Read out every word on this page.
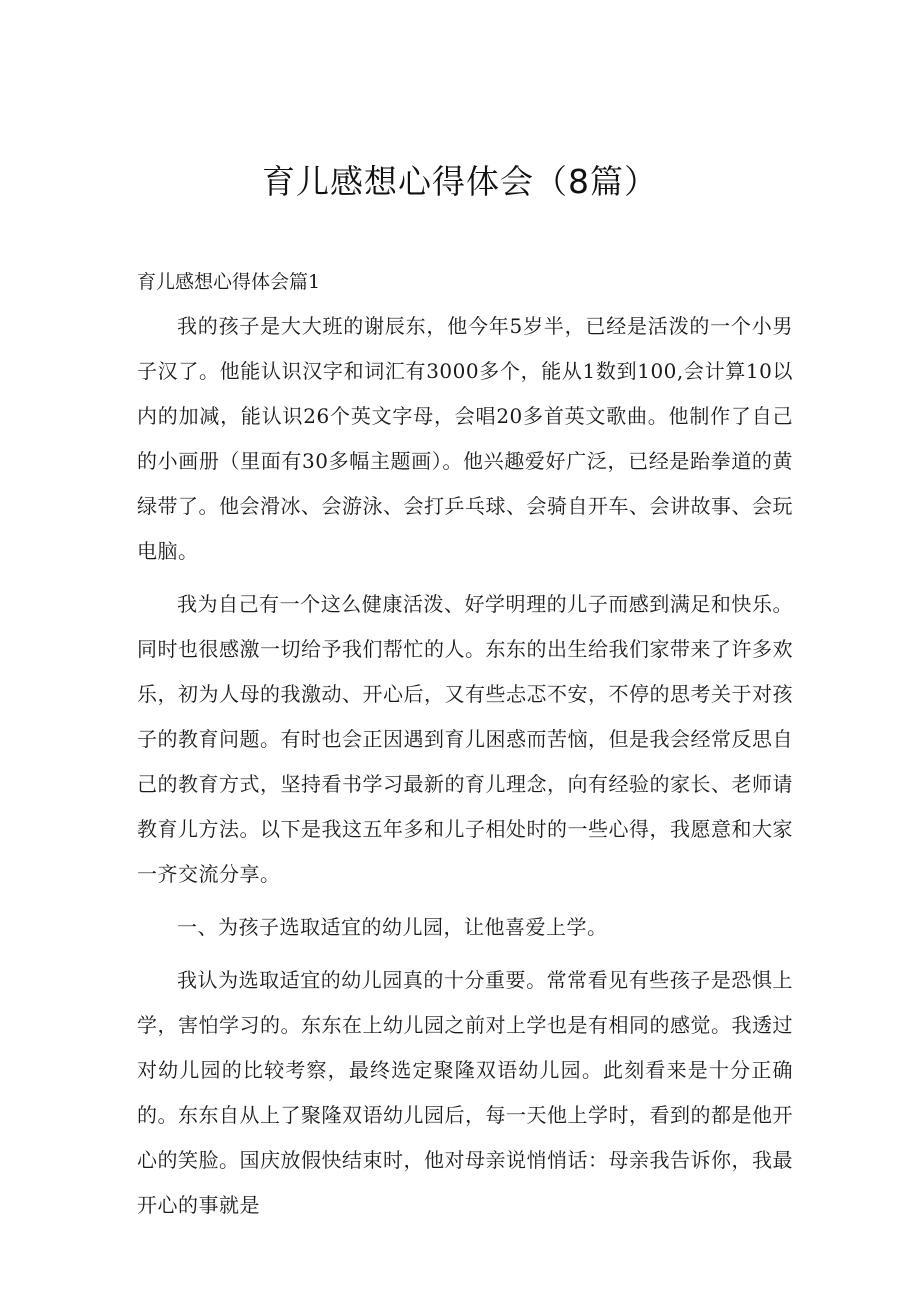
育儿感想心得体会（8篇）
育儿感想心得体会篇1

我的孩子是大大班的谢辰东，他今年5岁半，已经是活泼的一个小男子汉了。他能认识汉字和词汇有3000多个，能从1数到100,会计算10以内的加减，能认识26个英文字母，会唱20多首英文歌曲。他制作了自己的小画册（里面有30多幅主题画）。他兴趣爱好广泛，已经是跆拳道的黄绿带了。他会滑冰、会游泳、会打乒乓球、会骑自开车、会讲故事、会玩电脑。

我为自己有一个这么健康活泼、好学明理的儿子而感到满足和快乐。同时也很感激一切给予我们帮忙的人。东东的出生给我们家带来了许多欢乐，初为人母的我激动、开心后，又有些忐忑不安，不停的思考关于对孩子的教育问题。有时也会正因遇到育儿困惑而苦恼，但是我会经常反思自己的教育方式，坚持看书学习最新的育儿理念，向有经验的家长、老师请教育儿方法。以下是我这五年多和儿子相处时的一些心得，我愿意和大家一齐交流分享。

一、为孩子选取适宜的幼儿园，让他喜爱上学。

我认为选取适宜的幼儿园真的十分重要。常常看见有些孩子是恐惧上学，害怕学习的。东东在上幼儿园之前对上学也是有相同的感觉。我透过对幼儿园的比较考察，最终选定聚隆双语幼儿园。此刻看来是十分正确的。东东自从上了聚隆双语幼儿园后，每一天他上学时，看到的都是他开心的笑脸。国庆放假快结束时，他对母亲说悄悄话：母亲我告诉你，我最开心的事就是
